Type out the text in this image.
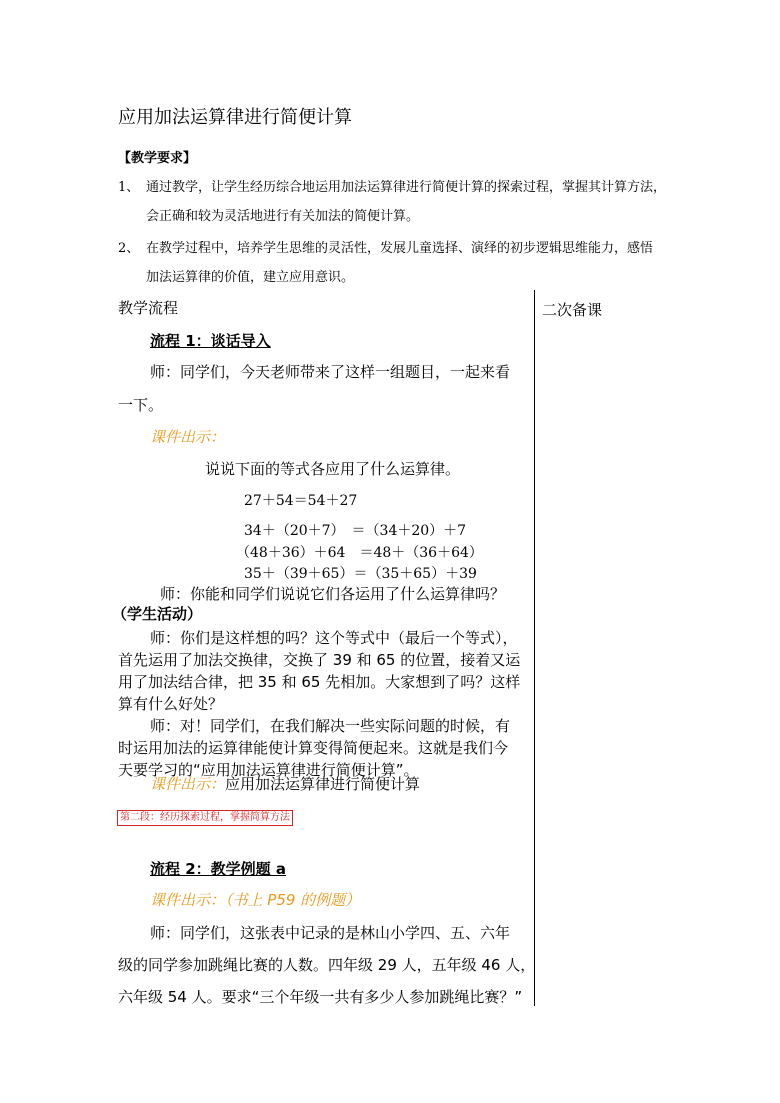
应用加法运算律进行简便计算
【教学要求】
1、 通过教学，让学生经历综合地运用加法运算律进行简便计算的探索过程，掌握其计算方法，
会正确和较为灵活地进行有关加法的简便计算。
2、 在教学过程中，培养学生思维的灵活性，发展儿童选择、演绎的初步逻辑思维能力，感悟
加法运算律的价值，建立应用意识。
教学流程	二次备课
流程 1：谈话导入
师：同学们，今天老师带来了这样一组题目，一起来看
一下。
课件出示：
说说下面的等式各应用了什么运算律。
27＋54＝54＋27
34＋（20＋7）　＝（34＋20）＋7
（48＋36）＋64　＝48＋（36＋64）
35＋（39＋65）＝（35＋65）＋39
师：你能和同学们说说它们各运用了什么运算律吗？
（学生活动）
师：你们是这样想的吗？这个等式中（最后一个等式），
首先运用了加法交换律，交换了 39 和 65 的位置，接着又运
用了加法结合律，把 35 和 65 先相加。大家想到了吗？这样
算有什么好处？
师：对！同学们，在我们解决一些实际问题的时候，有
时运用加法的运算律能使计算变得简便起来。这就是我们今
天要学习的“应用加法运算律进行简便计算”。
课件出示：应用加法运算律进行简便计算
第二段：经历探索过程，掌握简算方法
流程 2：教学例题 a
课件出示：（书上 P59 的例题）
师：同学们，这张表中记录的是林山小学四、五、六年
级的同学参加跳绳比赛的人数。四年级 29 人，五年级 46 人，
六年级 54 人。要求“三个年级一共有多少人参加跳绳比赛？”
